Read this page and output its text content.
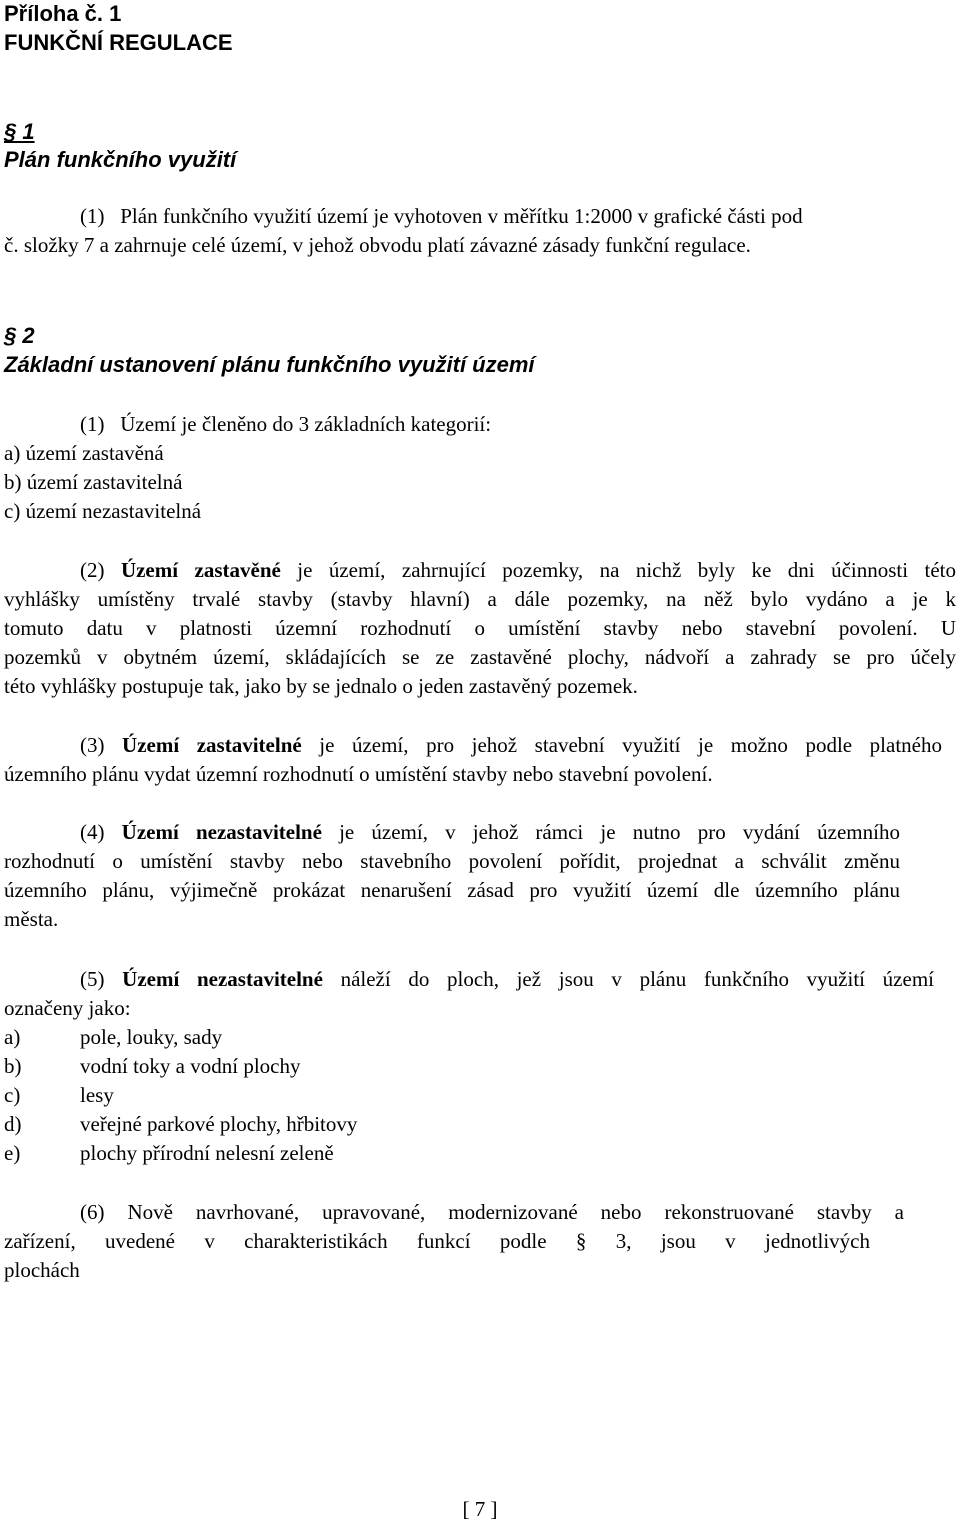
Příloha č. 1
FUNKČNÍ REGULACE
§ 1
Plán funkčního využití
(1)   Plán funkčního využití území je vyhotoven v měřítku 1:2000 v grafické části pod
č. složky 7 a zahrnuje celé území, v jehož obvodu platí závazné zásady funkční regulace.
§ 2
Základní ustanovení plánu funkčního využití území
(1)   Území je členěno do 3 základních kategorií:
a) území zastavěná
b) území zastavitelná
c) území nezastavitelná
(2) Území zastavěné je území, zahrnující pozemky, na nichž byly ke dni účinnosti této
vyhlášky umístěny trvalé stavby (stavby hlavní) a dále pozemky, na něž bylo vydáno a je k
tomuto datu v platnosti územní rozhodnutí o umístění stavby nebo stavební povolení. U
pozemků v obytném území, skládajících se ze zastavěné plochy, nádvoří a zahrady se pro účely
této vyhlášky postupuje tak, jako by se jednalo o jeden zastavěný pozemek.
(3) Území zastavitelné je území, pro jehož stavební využití je možno podle platného
územního plánu vydat územní rozhodnutí o umístění stavby nebo stavební povolení.
(4) Území nezastavitelné je území, v jehož rámci je nutno pro vydání územního
rozhodnutí o umístění stavby nebo stavebního povolení pořídit, projednat a schválit změnu
územního plánu, výjimečně prokázat nenarušení zásad pro využití území dle územního plánu
města.
(5) Území nezastavitelné náleží do ploch, jež jsou v plánu funkčního využití území
označeny jako:
a)	pole, louky, sady
b)	vodní toky a vodní plochy
c)	lesy
d)	veřejné parkové plochy, hřbitovy
e)	plochy přírodní nelesní zeleně
(6) Nově navrhované, upravované, modernizované nebo rekonstruované stavby a
zařízení, uvedené v charakteristikách funkcí podle § 3, jsou v jednotlivých
plochách
[ 7 ]
